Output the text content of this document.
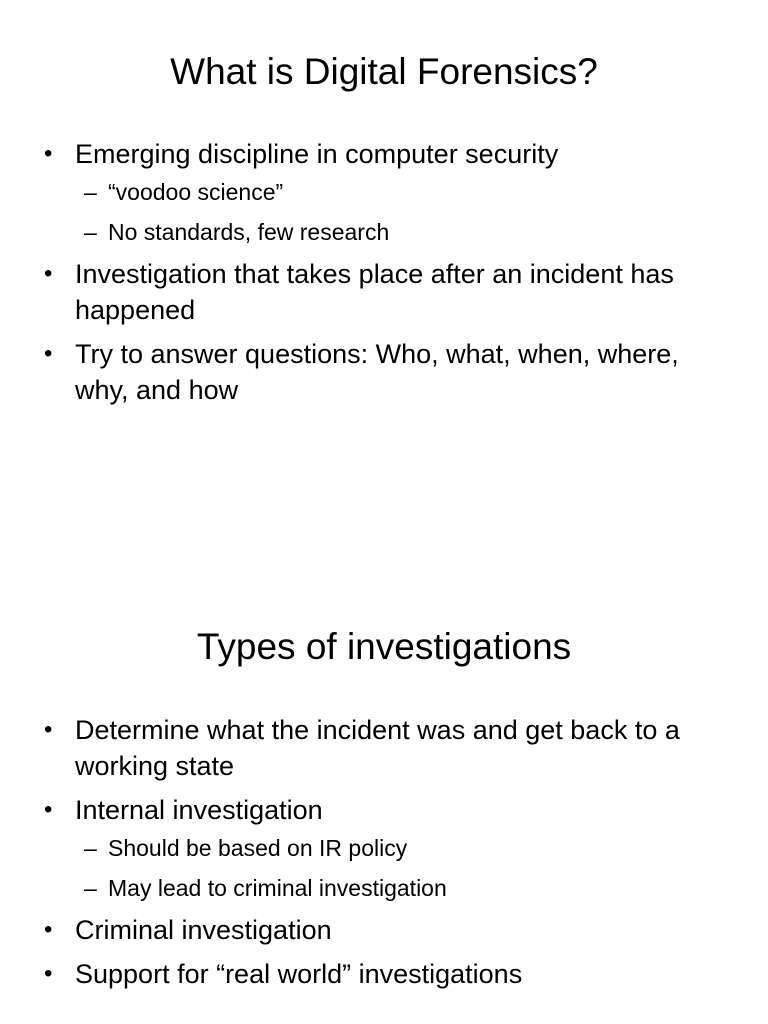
What is Digital Forensics?
• Emerging discipline in computer security
– “voodoo science”
– No standards, few research
• Investigation that takes place after an incident has happened
• Try to answer questions: Who, what, when, where, why, and how
Types of investigations
• Determine what the incident was and get back to a working state
• Internal investigation
– Should be based on IR policy
– May lead to criminal investigation
• Criminal investigation
• Support for “real world” investigations
